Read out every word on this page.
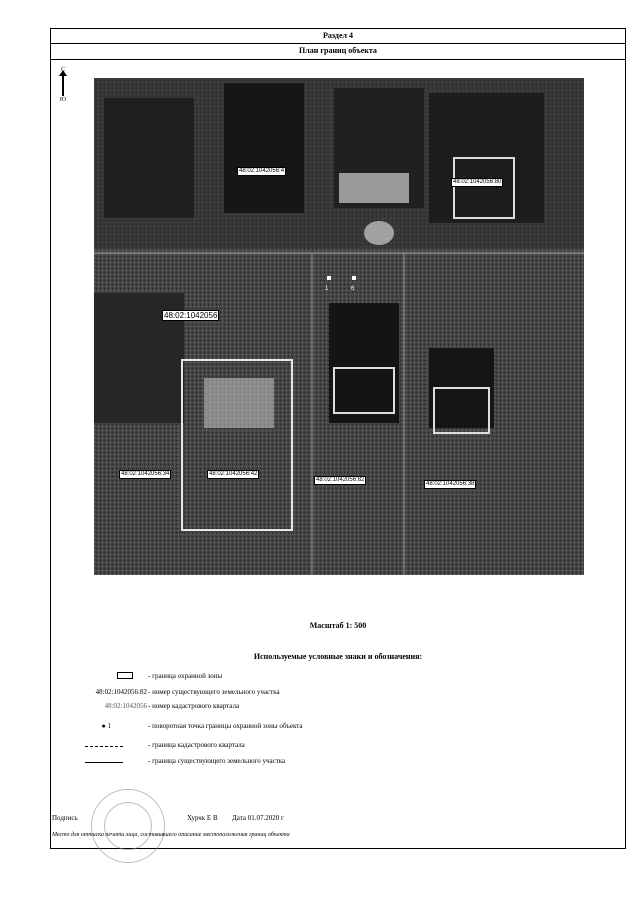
Раздел 4
План границ объекта
Ю
48:02:1042056:4
48:02:1042056:80
48:02:1042056
48:02:1042056:34	48:02:1042056:42
48:02:1042056:82
48:02:1042056:38
1	6
Масштаб 1: 500
Используемые условные знаки и обозначения:
- граница охранной зоны
48:02:1042056:82 - номер существующего земельного участка
48:02:1042056 - номер кадастрового квартала
● 1	- поворотная точка границы охранной зоны объекта
- граница кадастрового квартала
- граница существующего земельного участка
Подпись	Хурчк Е В Дата 01.07.2020 г
Место для оттиска печати лица, составившего описание местоположения границ объекта
